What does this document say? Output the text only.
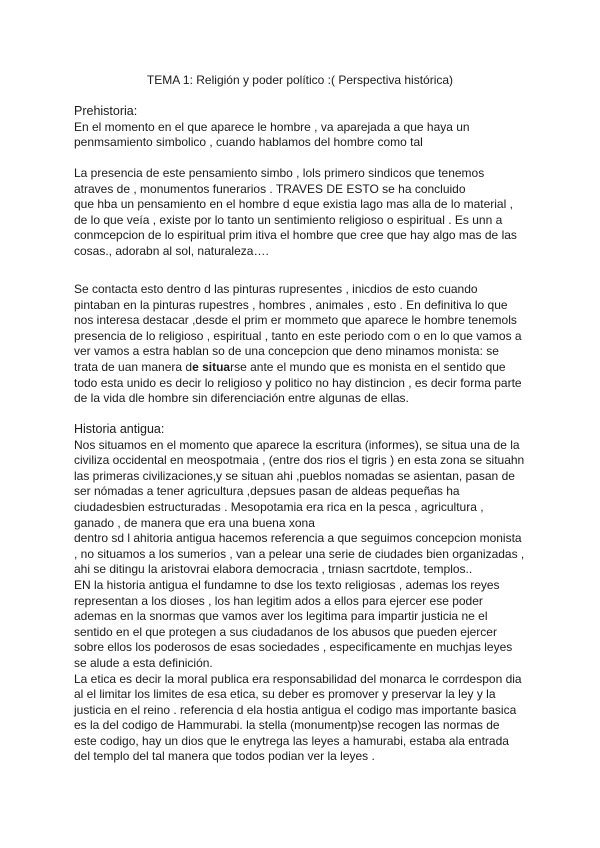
TEMA 1: Religión y poder político :( Perspectiva histórica)
Prehistoria:
En el momento en el que aparece le hombre , va aparejada a que haya un
penmsamiento simbolico , cuando hablamos del hombre como tal
La presencia de este pensamiento simbo , lols primero sindicos que tenemos
atraves de , monumentos funerarios . TRAVES DE ESTO se ha concluido
que hba un pensamiento en el hombre d eque existia lago mas alla de lo material ,
de lo que veía , existe por lo tanto un sentimiento religioso o espiritual . Es unn a
conmcepcion de lo espiritual prim itiva el hombre que cree que hay algo mas de las
cosas., adorabn al sol, naturaleza….
Se contacta esto dentro d las pinturas rupresentes , inicdios de esto cuando
pintaban en la pinturas rupestres , hombres , animales , esto . En definitiva lo que
nos interesa destacar ,desde el prim er mommeto que aparece le hombre tenemols
presencia de lo religioso , espiritual , tanto en este periodo com o en lo que vamos a
ver vamos a estra hablan so de una concepcion que deno minamos monista: se
trata de uan manera de situarse ante el mundo que es monista en el sentido que
todo esta unido es decir lo religioso y politico no hay distincion , es decir forma parte
de la vida dle hombre sin diferenciación entre algunas de ellas.
Historia antigua:
Nos situamos en el momento que aparece la escritura (informes), se situa una de la
civiliza occidental en meospotmaia , (entre dos rios el tigris ) en esta zona se situahn
las primeras civilizaciones,y se situan ahi ,pueblos nomadas se asientan, pasan de
ser nómadas a tener agricultura ,depsues pasan de aldeas pequeñas ha
ciudadesbien estructuradas . Mesopotamia era rica en la pesca , agricultura ,
ganado , de manera que era una buena xona
dentro sd l ahitoria antigua hacemos referencia a que seguimos concepcion monista
, no situamos a los sumerios , van a pelear una serie de ciudades bien organizadas ,
ahi se ditingu la aristovrai elabora democracia , trniasn sacrtdote, templos..
EN la historia antigua el fundamne to dse los texto religiosas , ademas los reyes
representan a los dioses , los han legitim ados a ellos para ejercer ese poder
ademas en la snormas que vamos aver los legitima para impartir justicia ne el
sentido en el que protegen a sus ciudadanos de los abusos que pueden ejercer
sobre ellos los poderosos de esas sociedades , especificamente en muchjas leyes
se alude a esta definición.
La etica es decir la moral publica era responsabilidad del monarca le corrdespon dia
al el limitar los limites de esa etica, su deber es promover y preservar la ley y la
justicia en el reino . referencia d ela hostia antigua el codigo mas importante basica
es la del codigo de Hammurabi. la stella (monumentp)se recogen las normas de
este codigo, hay un dios que le enytrega las leyes a hamurabi, estaba ala entrada
del templo del tal manera que todos podian ver la leyes .
